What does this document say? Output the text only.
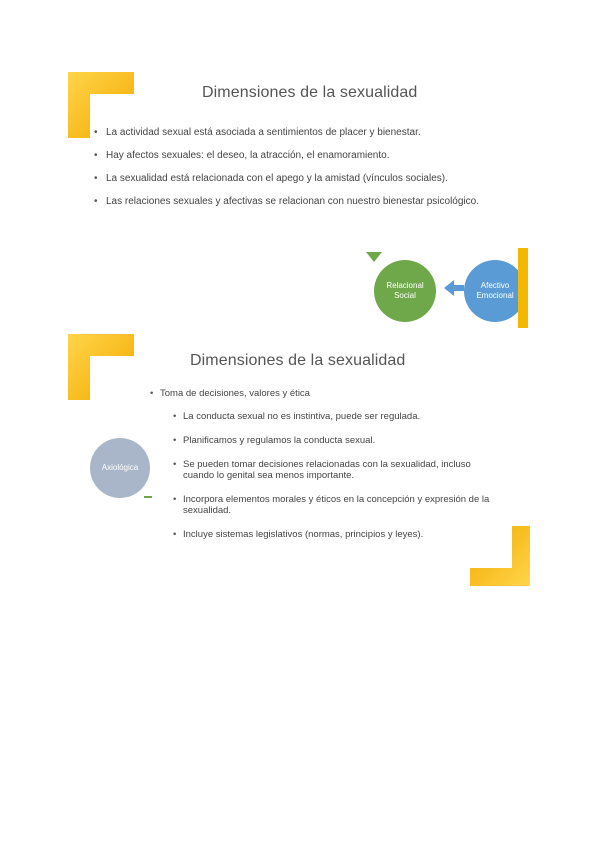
Dimensiones de la sexualidad
• La actividad sexual está asociada a sentimientos de placer y bienestar.
• Hay afectos sexuales: el deseo, la atracción, el enamoramiento.
• La sexualidad está relacionada con el apego y la amistad (vínculos sociales).
• Las relaciones sexuales y afectivas se relacionan con nuestro bienestar psicológico.
Relacional Social
Afectivo Emocional
Dimensiones de la sexualidad
• Toma de decisiones, valores y ética
• La conducta sexual no es instintiva, puede ser regulada.
• Planificamos y regulamos la conducta sexual.
• Se pueden tomar decisiones relacionadas con la sexualidad, incluso cuando lo genital sea menos importante.
• Incorpora elementos morales y éticos en la concepción y expresión de la sexualidad.
• Incluye sistemas legislativos (normas, principios y leyes).
Axiológica
